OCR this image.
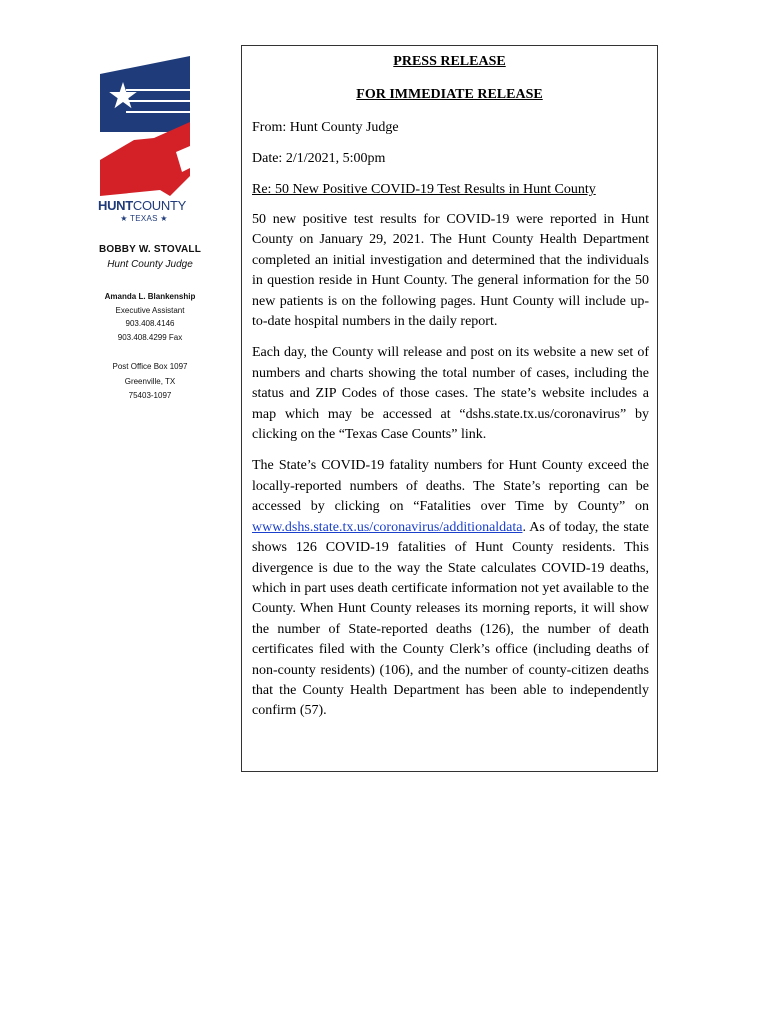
HUNTCOUNTY
★ TEXAS ★
BOBBY W. STOVALL
Hunt County Judge
Amanda L. Blankenship
Executive Assistant
903.408.4146
903.408.4299 Fax
Post Office Box 1097
Greenville, TX
75403-1097
PRESS RELEASE
FOR IMMEDIATE RELEASE
From: Hunt County Judge
Date: 2/1/2021, 5:00pm
Re: 50 New Positive COVID-19 Test Results in Hunt County

50 new positive test results for COVID-19 were reported in Hunt County on January 29, 2021. The Hunt County Health Department completed an initial investigation and determined that the individuals in question reside in Hunt County. The general information for the 50 new patients is on the following pages. Hunt County will include up-to-date hospital numbers in the daily report.

Each day, the County will release and post on its website a new set of numbers and charts showing the total number of cases, including the status and ZIP Codes of those cases. The state’s website includes a map which may be accessed at “dshs.state.tx.us/coronavirus” by clicking on the “Texas Case Counts” link.

The State’s COVID-19 fatality numbers for Hunt County exceed the locally-reported numbers of deaths. The State’s reporting can be accessed by clicking on “Fatalities over Time by County” on www.dshs.state.tx.us/coronavirus/additionaldata. As of today, the state shows 126 COVID-19 fatalities of Hunt County residents. This divergence is due to the way the State calculates COVID-19 deaths, which in part uses death certificate information not yet available to the County. When Hunt County releases its morning reports, it will show the number of State-reported deaths (126), the number of death certificates filed with the County Clerk’s office (including deaths of non-county residents) (106), and the number of county-citizen deaths that the County Health Department has been able to independently confirm (57).
